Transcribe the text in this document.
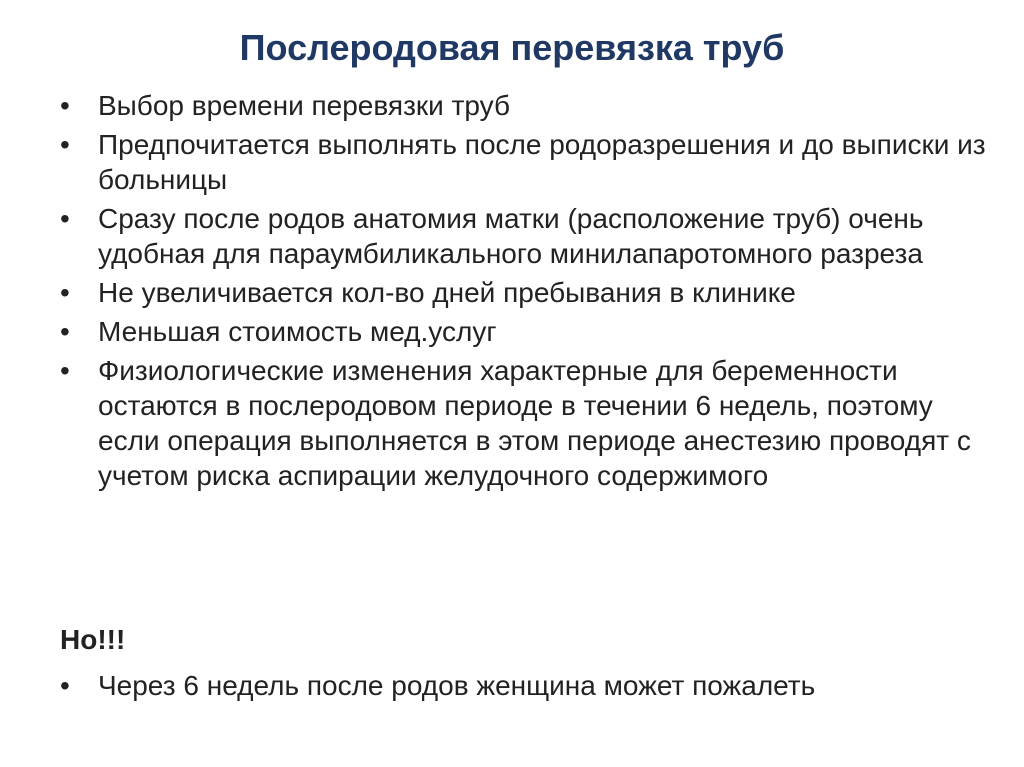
Послеродовая перевязка труб
•	Выбор времени перевязки труб
•	Предпочитается выполнять после родоразрешения и до выписки из больницы
•	Сразу после родов анатомия матки (расположение труб) очень удобная для параумбиликального минилапаротомного разреза
•	Не увеличивается кол-во дней пребывания в клинике
•	Меньшая стоимость мед.услуг
•	Физиологические изменения характерные для беременности остаются в послеродовом периоде в течении 6 недель, поэтому если операция выполняется в этом периоде анестезию проводят с учетом риска аспирации желудочного содержимого
Но!!!
•	Через 6 недель после родов женщина может пожалеть
